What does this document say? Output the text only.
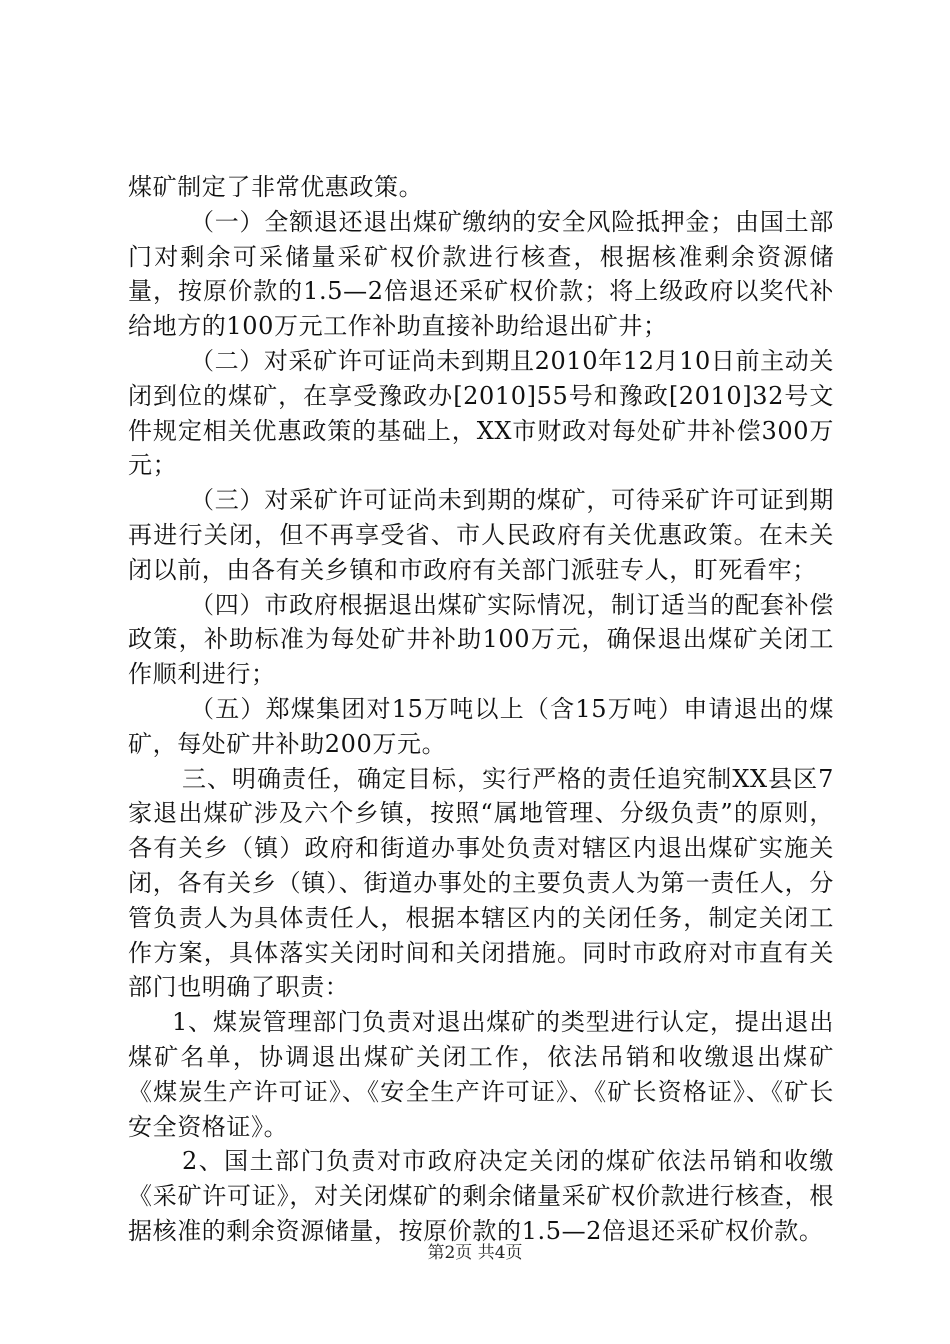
煤矿制定了非常优惠政策。

（一）全额退还退出煤矿缴纳的安全风险抵押金；由国土部门对剩余可采储量采矿权价款进行核查，根据核准剩余资源储量，按原价款的1.5—2倍退还采矿权价款；将上级政府以奖代补给地方的100万元工作补助直接补助给退出矿井；

（二）对采矿许可证尚未到期且2010年12月10日前主动关闭到位的煤矿，在享受豫政办[2010]55号和豫政[2010]32号文件规定相关优惠政策的基础上，XX市财政对每处矿井补偿300万元；

（三）对采矿许可证尚未到期的煤矿，可待采矿许可证到期再进行关闭，但不再享受省、市人民政府有关优惠政策。在未关闭以前，由各有关乡镇和市政府有关部门派驻专人，盯死看牢；

（四）市政府根据退出煤矿实际情况，制订适当的配套补偿政策，补助标准为每处矿井补助100万元，确保退出煤矿关闭工作顺利进行；

（五）郑煤集团对15万吨以上（含15万吨）申请退出的煤矿，每处矿井补助200万元。

三、明确责任，确定目标，实行严格的责任追究制XX县区7家退出煤矿涉及六个乡镇，按照“属地管理、分级负责”的原则，各有关乡（镇）政府和街道办事处负责对辖区内退出煤矿实施关闭，各有关乡（镇）、街道办事处的主要负责人为第一责任人，分管负责人为具体责任人，根据本辖区内的关闭任务，制定关闭工作方案，具体落实关闭时间和关闭措施。同时市政府对市直有关部门也明确了职责：

1、煤炭管理部门负责对退出煤矿的类型进行认定，提出退出煤矿名单，协调退出煤矿关闭工作，依法吊销和收缴退出煤矿《煤炭生产许可证》、《安全生产许可证》、《矿长资格证》、《矿长安全资格证》。

2、国土部门负责对市政府决定关闭的煤矿依法吊销和收缴《采矿许可证》，对关闭煤矿的剩余储量采矿权价款进行核查，根据核准的剩余资源储量，按原价款的1.5—2倍退还采矿权价款。

第2页 共4页
